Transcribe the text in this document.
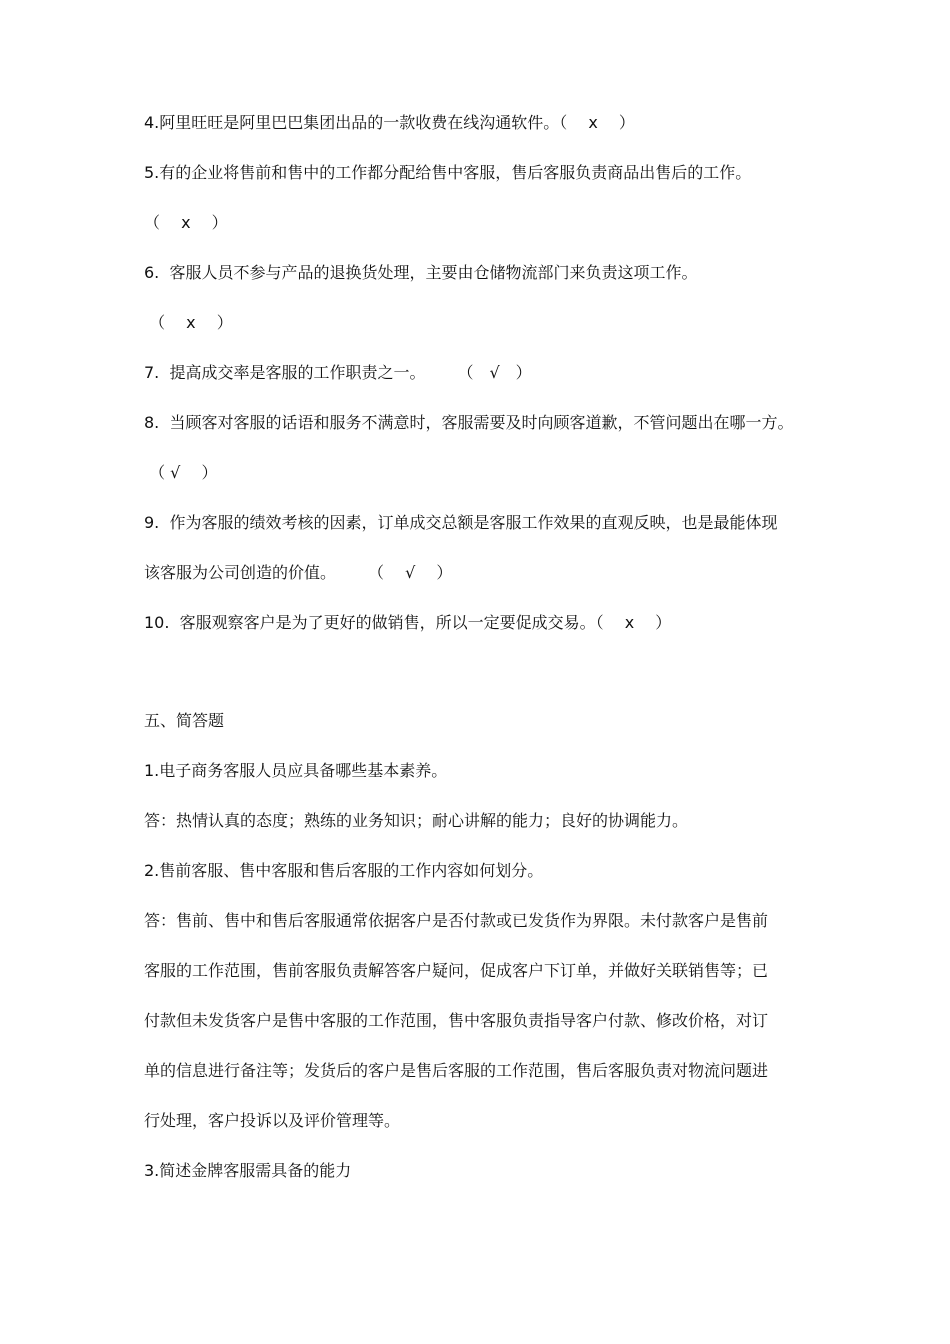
4.阿里旺旺是阿里巴巴集团出品的一款收费在线沟通软件。（　 x　 ）
5.有的企业将售前和售中的工作都分配给售中客服，售后客服负责商品出售后的工作。
（　 x　 ）
6.  客服人员不参与产品的退换货处理，主要由仓储物流部门来负责这项工作。
（　 x　 ）
7.  提高成交率是客服的工作职责之一。　　　（　√　）
8.  当顾客对客服的话语和服务不满意时，客服需要及时向顾客道歉，不管问题出在哪一方。
（ √　 ）
9.  作为客服的绩效考核的因素，订单成交总额是客服工作效果的直观反映，也是最能体现
该客服为公司创造的价值。　　　（　 √　 ）
10.  客服观察客户是为了更好的做销售，所以一定要促成交易。（　 x　 ）
五、简答题
1.电子商务客服人员应具备哪些基本素养。
答：热情认真的态度；熟练的业务知识；耐心讲解的能力；良好的协调能力。
2.售前客服、售中客服和售后客服的工作内容如何划分。
答：售前、售中和售后客服通常依据客户是否付款或已发货作为界限。未付款客户是售前
客服的工作范围，售前客服负责解答客户疑问，促成客户下订单，并做好关联销售等；已
付款但未发货客户是售中客服的工作范围，售中客服负责指导客户付款、修改价格，对订
单的信息进行备注等；发货后的客户是售后客服的工作范围，售后客服负责对物流问题进
行处理，客户投诉以及评价管理等。
3.简述金牌客服需具备的能力
